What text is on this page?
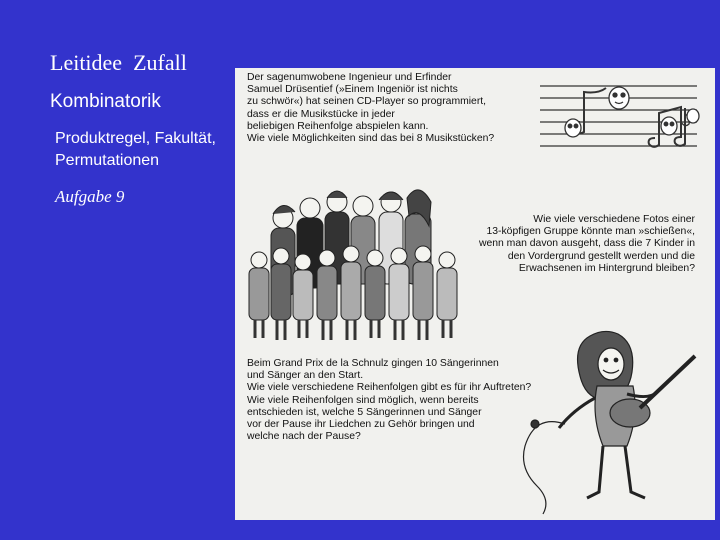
Leitidee  Zufall
Kombinatorik
Produktregel, Fakultät,
Permutationen
Aufgabe 9
Der sagenumwobene Ingenieur und Erfinder
Samuel Drüsentief (»Einem Ingeniör ist nichts
zu schwör«) hat seinen CD-Player so programmiert,
dass er die Musikstücke in jeder
beliebigen Reihenfolge abspielen kann.
Wie viele Möglichkeiten sind das bei 8 Musikstücken?
Wie viele verschiedene Fotos einer
13-köpfigen Gruppe könnte man »schießen«,
wenn man davon ausgeht, dass die 7 Kinder in
den Vordergrund gestellt werden und die
Erwachsenen im Hintergrund bleiben?
Beim Grand Prix de la Schnulz gingen 10 Sängerinnen
und Sänger an den Start.
Wie viele verschiedene Reihenfolgen gibt es für ihr Auftreten?
Wie viele Reihenfolgen sind möglich, wenn bereits
entschieden ist, welche 5 Sängerinnen und Sänger
vor der Pause ihr Liedchen zu Gehör bringen und
welche nach der Pause?
